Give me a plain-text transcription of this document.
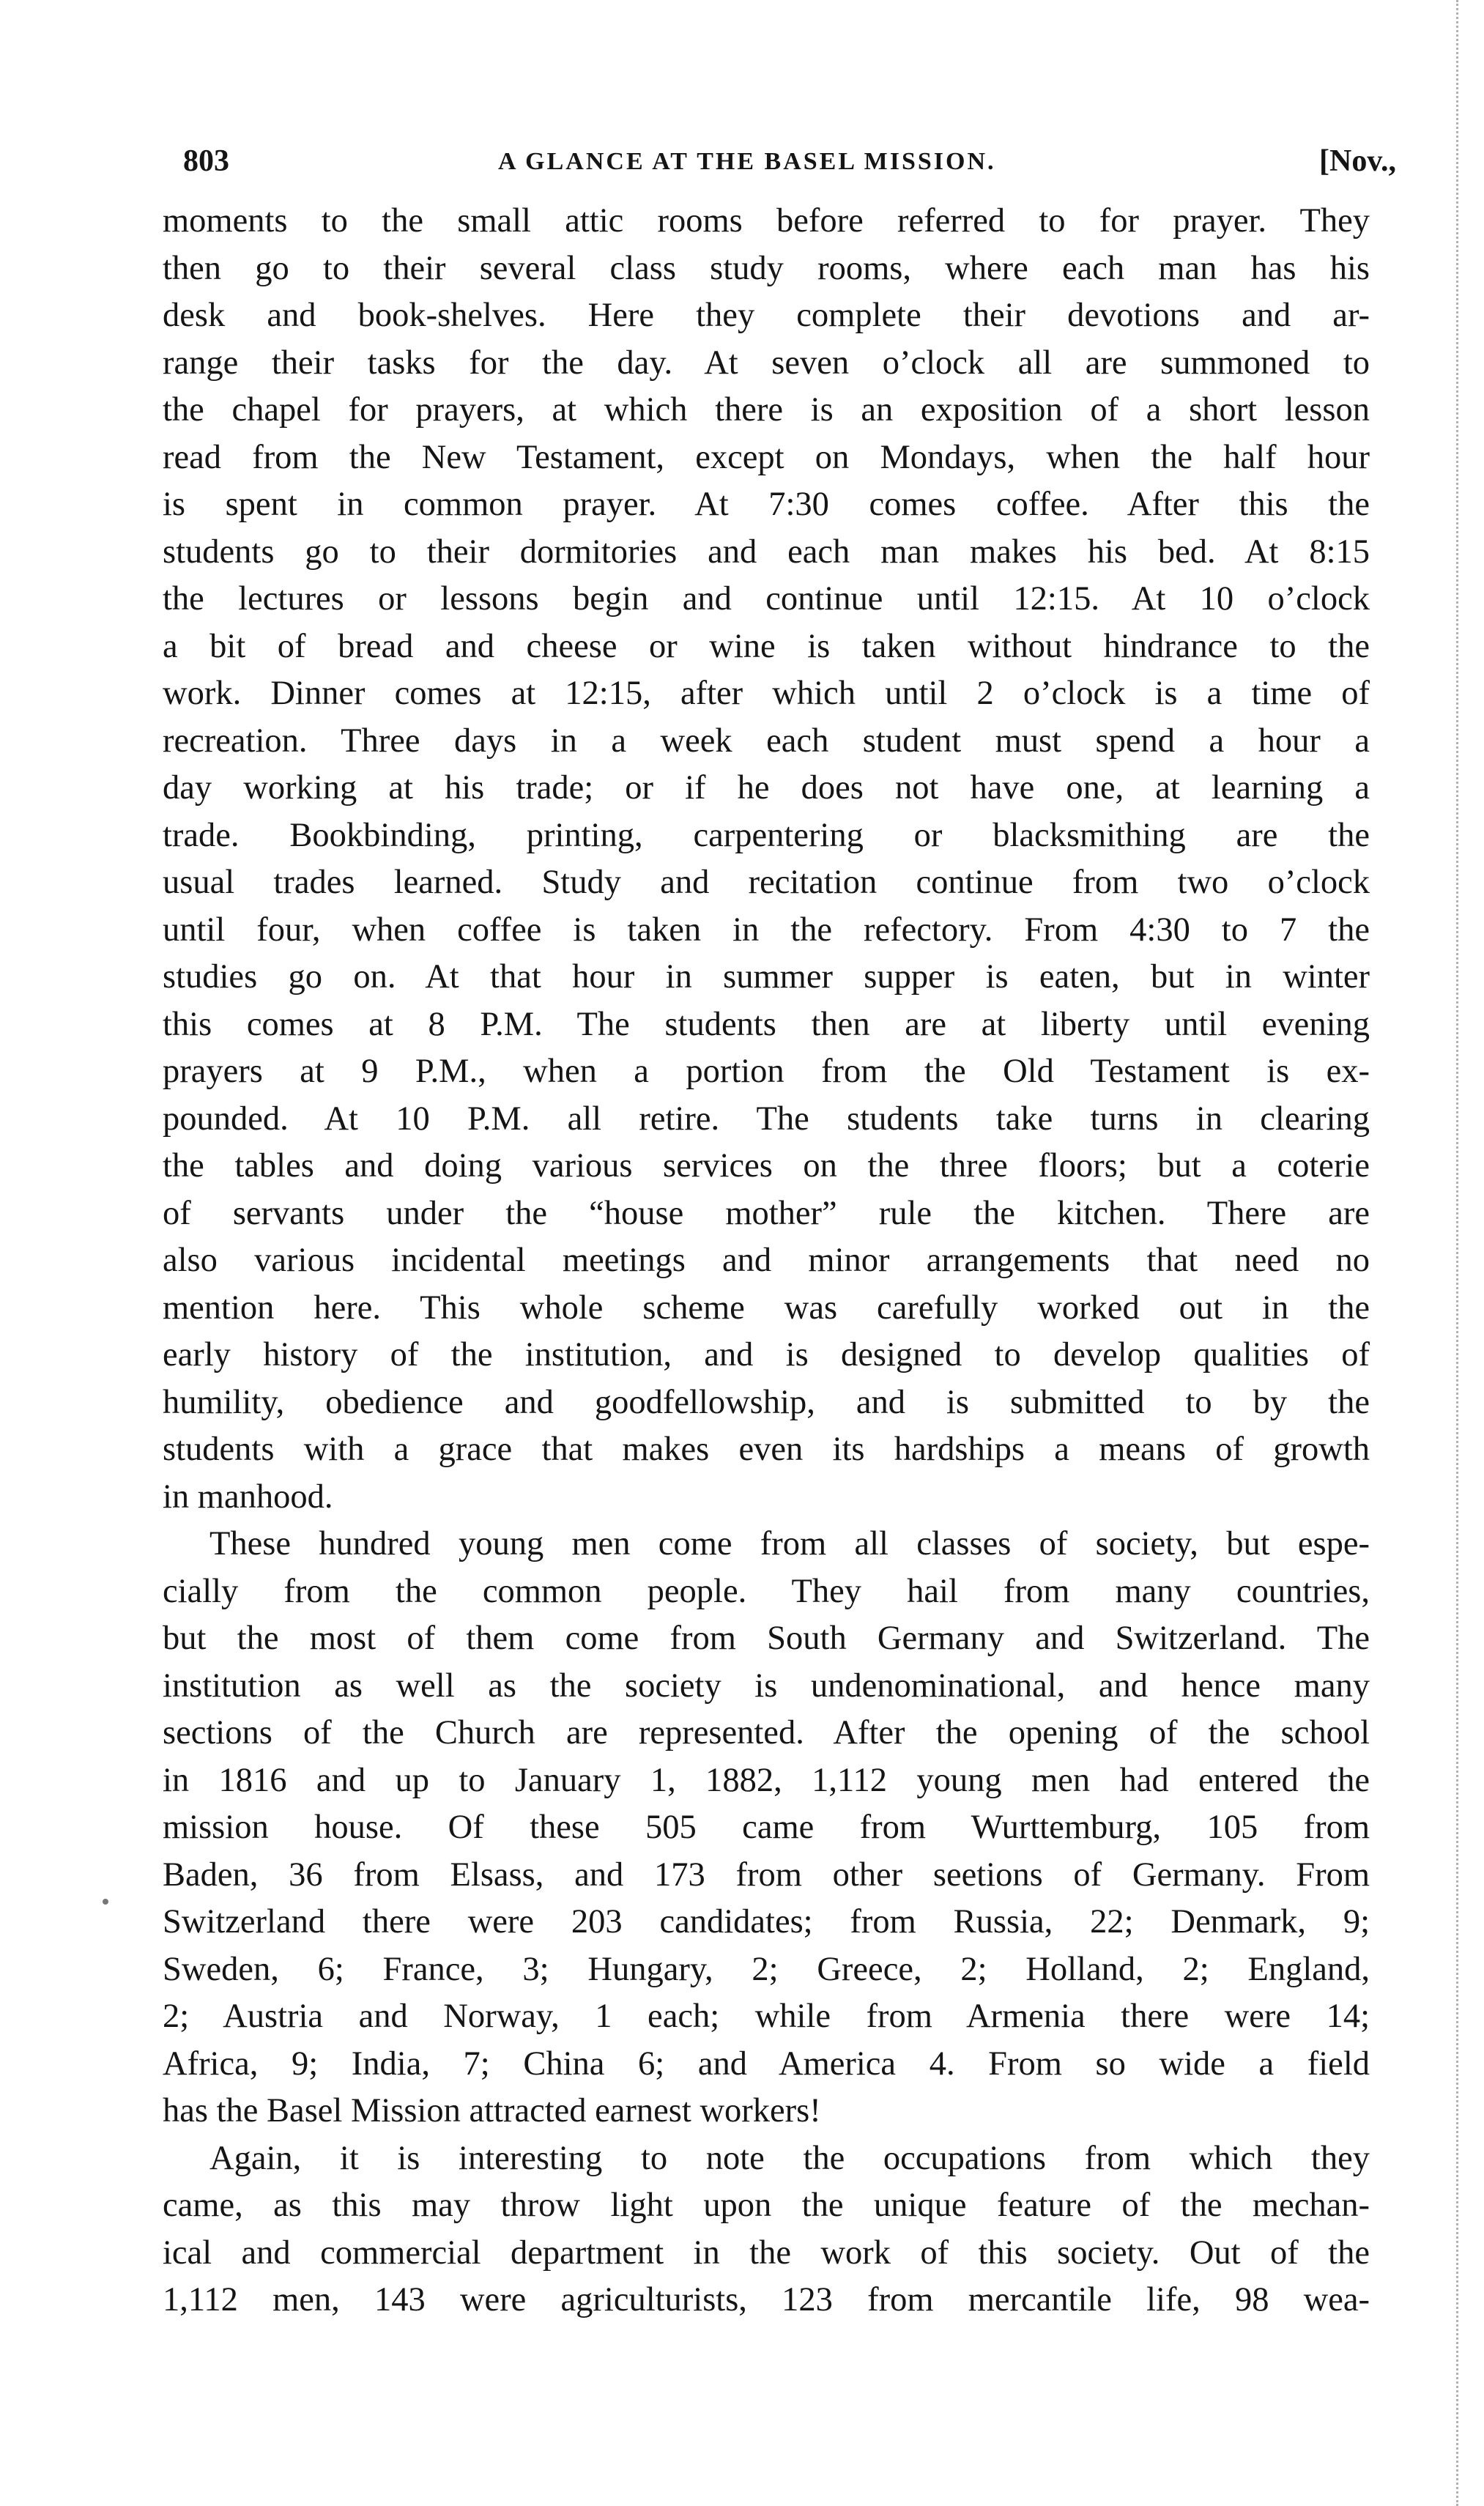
803	A GLANCE AT THE BASEL MISSION.	[Nov.,
moments to the small attic rooms before referred to for prayer. They
then go to their several class study rooms, where each man has his
desk and book-shelves. Here they complete their devotions and ar-
range their tasks for the day. At seven o’clock all are summoned to
the chapel for prayers, at which there is an exposition of a short lesson
read from the New Testament, except on Mondays, when the half hour
is spent in common prayer. At 7:30 comes coffee. After this the
students go to their dormitories and each man makes his bed. At 8:15
the lectures or lessons begin and continue until 12:15. At 10 o’clock
a bit of bread and cheese or wine is taken without hindrance to the
work. Dinner comes at 12:15, after which until 2 o’clock is a time of
recreation. Three days in a week each student must spend a hour a
day working at his trade; or if he does not have one, at learning a
trade. Bookbinding, printing, carpentering or blacksmithing are the
usual trades learned. Study and recitation continue from two o’clock
until four, when coffee is taken in the refectory. From 4:30 to 7 the
studies go on. At that hour in summer supper is eaten, but in winter
this comes at 8 P.M. The students then are at liberty until evening
prayers at 9 P.M., when a portion from the Old Testament is ex-
pounded. At 10 P.M. all retire. The students take turns in clearing
the tables and doing various services on the three floors; but a coterie
of servants under the “house mother” rule the kitchen. There are
also various incidental meetings and minor arrangements that need no
mention here. This whole scheme was carefully worked out in the
early history of the institution, and is designed to develop qualities of
humility, obedience and goodfellowship, and is submitted to by the
students with a grace that makes even its hardships a means of growth
in manhood.
These hundred young men come from all classes of society, but espe-
cially from the common people. They hail from many countries,
but the most of them come from South Germany and Switzerland. The
institution as well as the society is undenominational, and hence many
sections of the Church are represented. After the opening of the school
in 1816 and up to January 1, 1882, 1,112 young men had entered the
mission house. Of these 505 came from Wurttemburg, 105 from
Baden, 36 from Elsass, and 173 from other seetions of Germany. From
Switzerland there were 203 candidates; from Russia, 22; Denmark, 9;
Sweden, 6; France, 3; Hungary, 2; Greece, 2; Holland, 2; England,
2; Austria and Norway, 1 each; while from Armenia there were 14;
Africa, 9; India, 7; China 6; and America 4. From so wide a field
has the Basel Mission attracted earnest workers!
Again, it is interesting to note the occupations from which they
came, as this may throw light upon the unique feature of the mechan-
ical and commercial department in the work of this society. Out of the
1,112 men, 143 were agriculturists, 123 from mercantile life, 98 wea-
